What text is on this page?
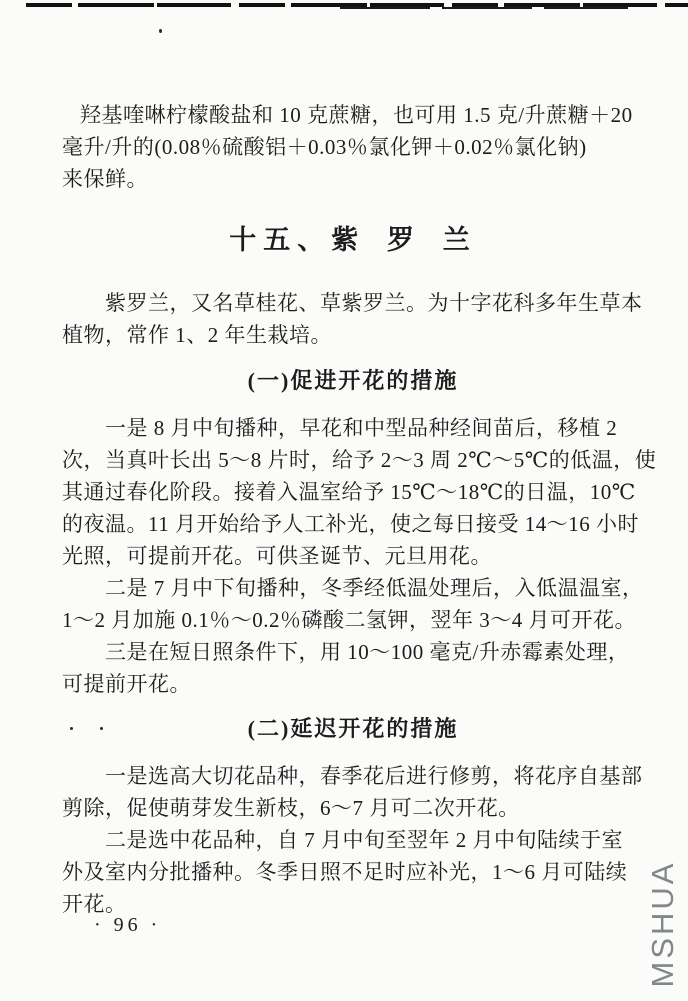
羟基喹啉柠檬酸盐和 10 克蔗糖，也可用 1.5 克/升蔗糖＋20
毫升/升的(0.08％硫酸铝＋0.03％氯化钾＋0.02％氯化钠)
来保鲜。
十五、紫 罗 兰
紫罗兰，又名草桂花、草紫罗兰。为十字花科多年生草本
植物，常作 1、2 年生栽培。
(一)促进开花的措施
一是 8 月中旬播种，早花和中型品种经间苗后，移植 2
次，当真叶长出 5～8 片时，给予 2～3 周 2℃～5℃的低温，使
其通过春化阶段。接着入温室给予 15℃～18℃的日温，10℃
的夜温。11 月开始给予人工补光，使之每日接受 14～16 小时
光照，可提前开花。可供圣诞节、元旦用花。
二是 7 月中下旬播种，冬季经低温处理后，入低温温室，
1～2 月加施 0.1％～0.2％磷酸二氢钾，翌年 3～4 月可开花。
三是在短日照条件下，用 10～100 毫克/升赤霉素处理，
可提前开花。
(二)延迟开花的措施
一是选高大切花品种，春季花后进行修剪，将花序自基部
剪除，促使萌芽发生新枝，6～7 月可二次开花。
二是选中花品种，自 7 月中旬至翌年 2 月中旬陆续于室
外及室内分批播种。冬季日照不足时应补光，1～6 月可陆续
开花。
· 96 ·	MSHUA
